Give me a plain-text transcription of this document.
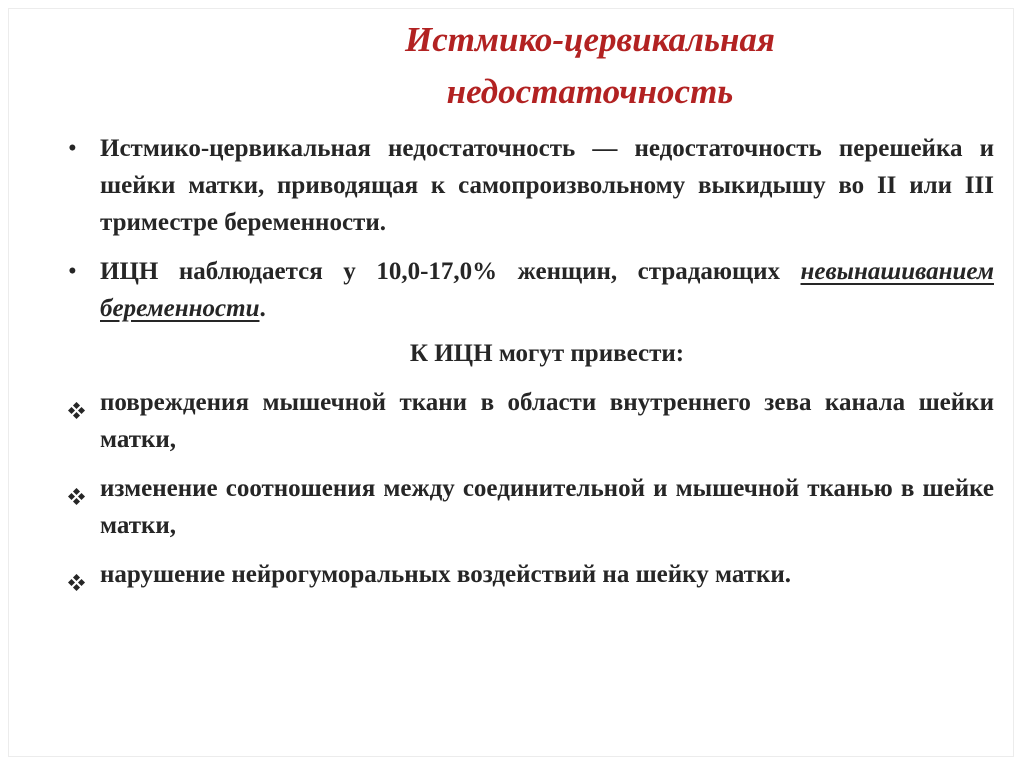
Истмико-цервикальная
недостаточность
•
Истмико-цервикальная недостаточность — недостаточность перешейка и шейки матки, приводящая к самопроизвольному выкидышу во II или III триместре беременности.
•
ИЦН наблюдается у 10,0-17,0% женщин, страдающих невынашиванием беременности.
К ИЦН могут привести:
повреждения мышечной ткани в области внутреннего зева канала шейки матки,
изменение соотношения между соединительной и мышечной тканью в шейке матки,
нарушение нейрогуморальных воздействий на шейку матки.
